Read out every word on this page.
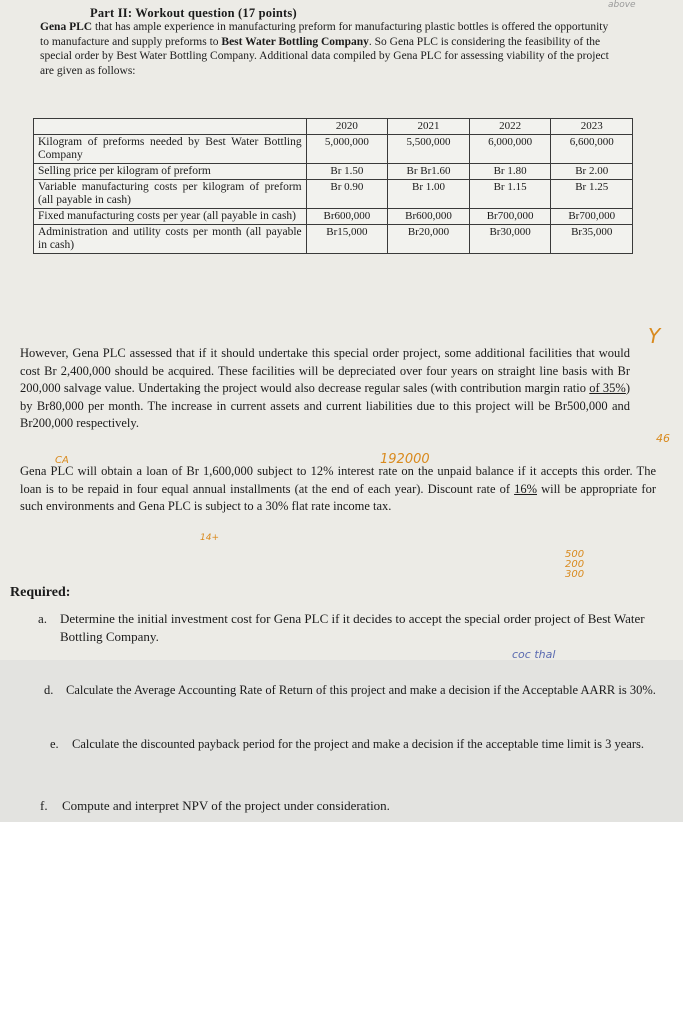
Part II: Workout question (17 points)

Gena PLC that has ample experience in manufacturing preform for manufacturing plastic bottles is offered the opportunity to manufacture and supply preforms to Best Water Bottling Company. So Gena PLC is considering the feasibility of the special order by Best Water Bottling Company. Additional data compiled by Gena PLC for assessing viability of the project are given as follows:

	2020	2021	2022	2023
Kilogram of preforms needed by Best Water Bottling Company	5,000,000	5,500,000	6,000,000	6,600,000
Selling price per kilogram of preform	Br 1.50	Br Br1.60	Br 1.80	Br 2.00
Variable manufacturing costs per kilogram of preform (all payable in cash)	Br 0.90	Br 1.00	Br 1.15	Br 1.25
Fixed manufacturing costs per year (all payable in cash)	Br600,000	Br600,000	Br700,000	Br700,000
Administration and utility costs per month (all payable in cash)	Br15,000	Br20,000	Br30,000	Br35,000

However, Gena PLC assessed that if it should undertake this special order project, some additional facilities that would cost Br 2,400,000 should be acquired. These facilities will be depreciated over four years on straight line basis with Br 200,000 salvage value. Undertaking the project would also decrease regular sales (with contribution margin ratio of 35%) by Br80,000 per month. The increase in current assets and current liabilities due to this project will be Br500,000 and Br200,000 respectively.

Gena PLC will obtain a loan of Br 1,600,000 subject to 12% interest rate on the unpaid balance if it accepts this order. The loan is to be repaid in four equal annual installments (at the end of each year). Discount rate of 16% will be appropriate for such environments and Gena PLC is subject to a 30% flat rate income tax.

Required:
a. Determine the initial investment cost for Gena PLC if it decides to accept the special order project of Best Water Bottling Company.
d.	Calculate the Average Accounting Rate of Return of this project and make a decision if the Acceptable AARR is 30%.
e.	Calculate the discounted payback period for the project and make a decision if the acceptable time limit is 3 years.
f.	Compute and interpret NPV of the project under consideration.
192000
CA
14+
500
200
300
46
Y
coc thal
above
